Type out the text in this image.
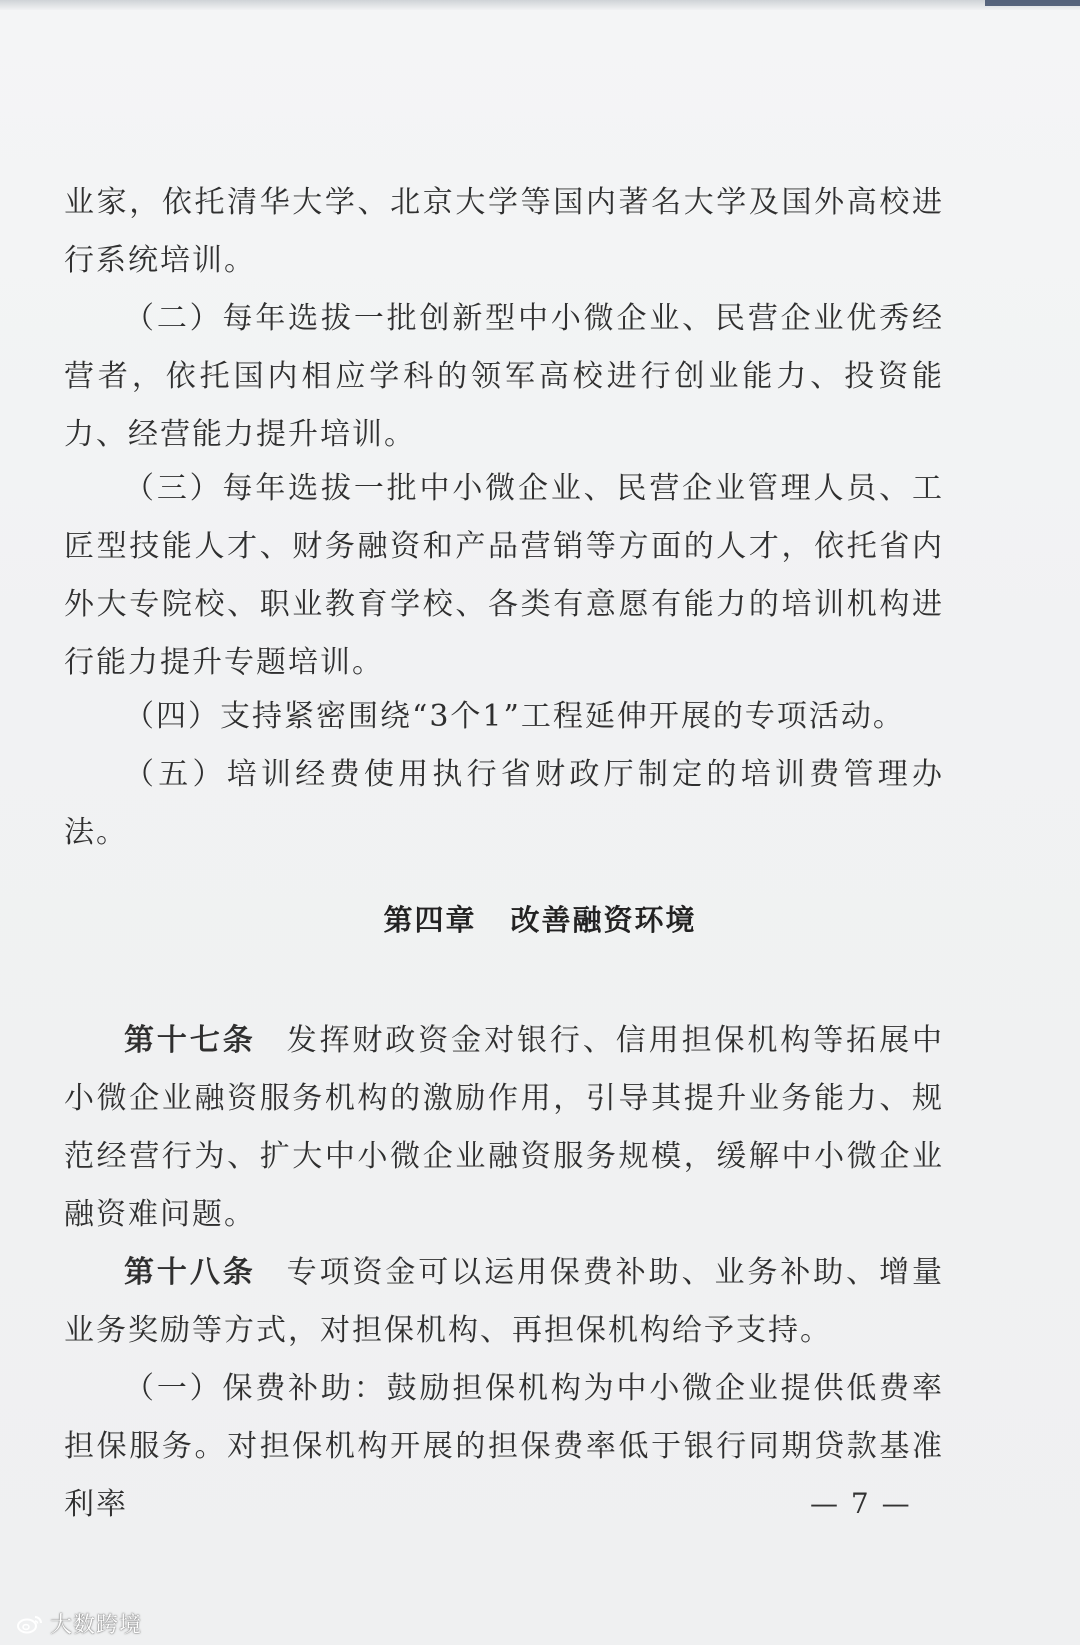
业家，依托清华大学、北京大学等国内著名大学及国外高校进行系统培训。

（二）每年选拔一批创新型中小微企业、民营企业优秀经营者，依托国内相应学科的领军高校进行创业能力、投资能力、经营能力提升培训。

（三）每年选拔一批中小微企业、民营企业管理人员、工匠型技能人才、财务融资和产品营销等方面的人才，依托省内外大专院校、职业教育学校、各类有意愿有能力的培训机构进行能力提升专题培训。

（四）支持紧密围绕“3个1”工程延伸开展的专项活动。

（五）培训经费使用执行省财政厅制定的培训费管理办法。

第四章 改善融资环境

第十七条 发挥财政资金对银行、信用担保机构等拓展中小微企业融资服务机构的激励作用，引导其提升业务能力、规范经营行为、扩大中小微企业融资服务规模，缓解中小微企业融资难问题。

第十八条 专项资金可以运用保费补助、业务补助、增量业务奖励等方式，对担保机构、再担保机构给予支持。

（一）保费补助：鼓励担保机构为中小微企业提供低费率担保服务。对担保机构开展的担保费率低于银行同期贷款基准利率	— 7 —
大数跨境
